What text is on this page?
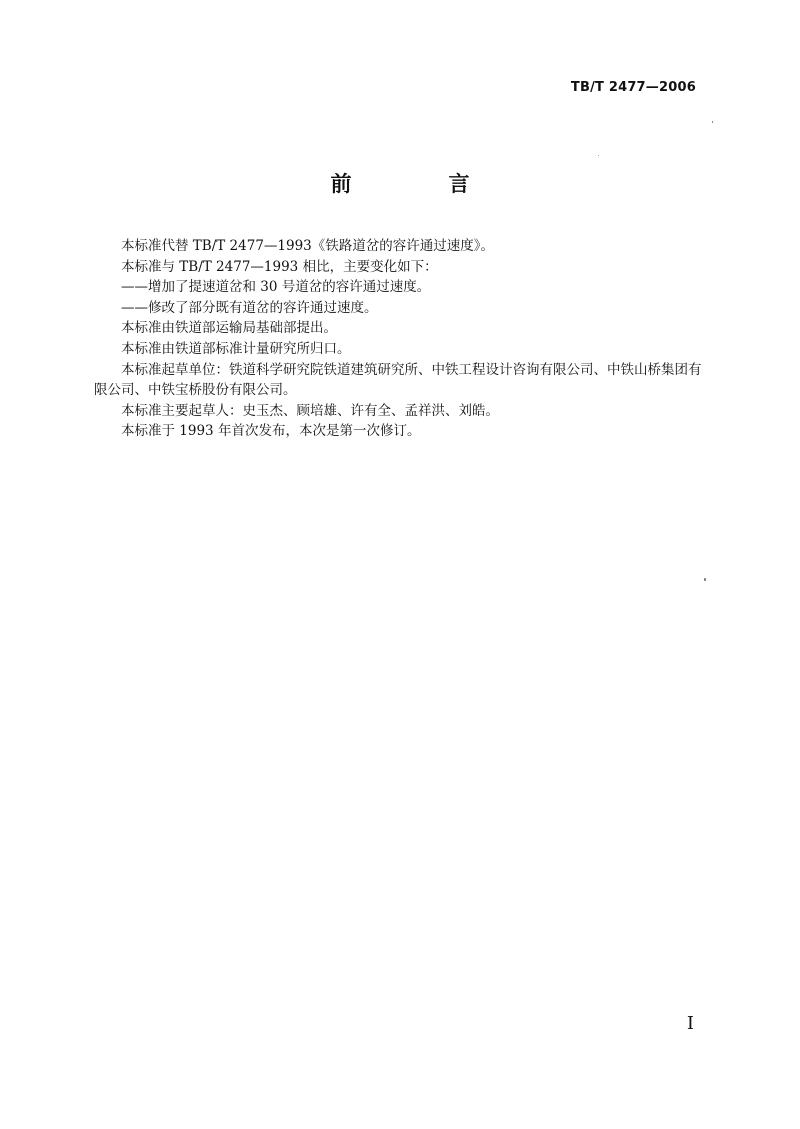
TB/T 2477—2006
前　言

本标准代替 TB/T 2477—1993《铁路道岔的容许通过速度》。

本标准与 TB/T 2477—1993 相比，主要变化如下：

——增加了提速道岔和 30 号道岔的容许通过速度。

——修改了部分既有道岔的容许通过速度。

本标准由铁道部运输局基础部提出。

本标准由铁道部标准计量研究所归口。

本标准起草单位：铁道科学研究院铁道建筑研究所、中铁工程设计咨询有限公司、中铁山桥集团有限公司、中铁宝桥股份有限公司。

本标准主要起草人：史玉杰、顾培雄、许有全、孟祥洪、刘皓。

本标准于 1993 年首次发布，本次是第一次修订。

I
